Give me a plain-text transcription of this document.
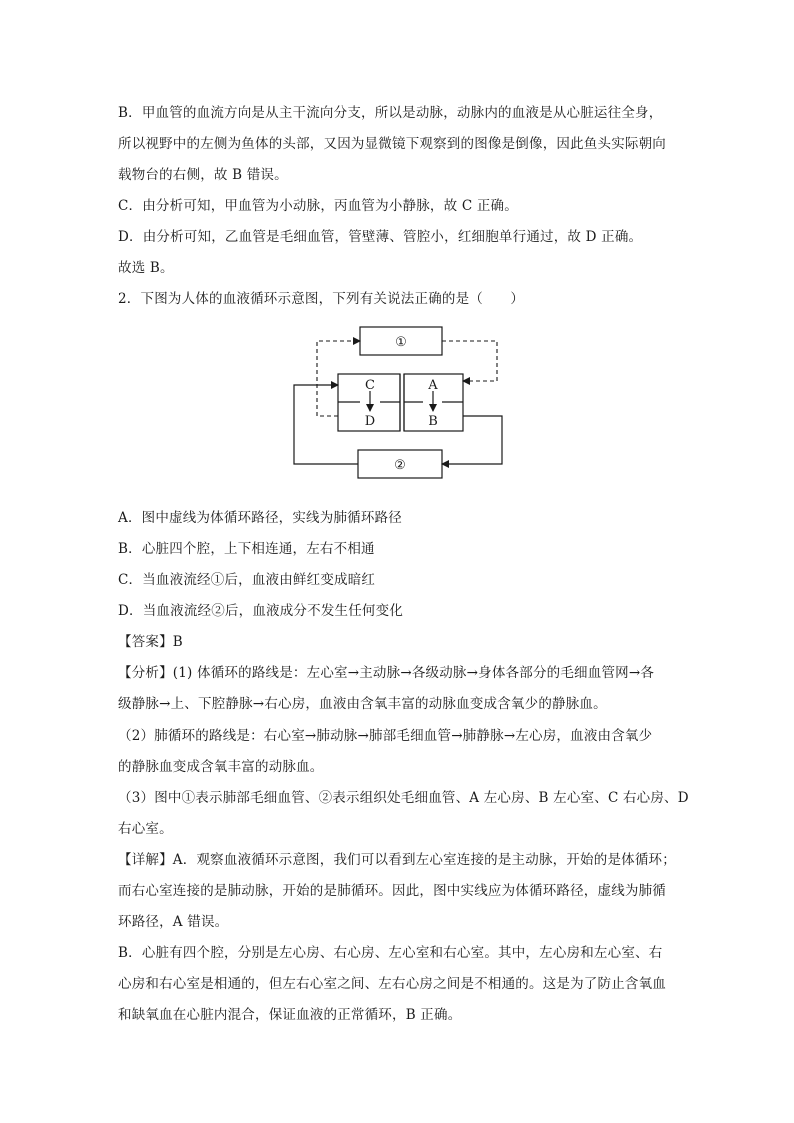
B．甲血管的血流方向是从主干流向分支，所以是动脉，动脉内的血液是从心脏运往全身，
所以视野中的左侧为鱼体的头部，又因为显微镜下观察到的图像是倒像，因此鱼头实际朝向
载物台的右侧，故 B 错误。
C．由分析可知，甲血管为小动脉，丙血管为小静脉，故 C 正确。
D．由分析可知，乙血管是毛细血管，管壁薄、管腔小，红细胞单行通过，故 D 正确。
故选 B。
2．下图为人体的血液循环示意图，下列有关说法正确的是（　　）
①
C
D
A
B
②
A．图中虚线为体循环路径，实线为肺循环路径
B．心脏四个腔，上下相连通，左右不相通
C．当血液流经①后，血液由鲜红变成暗红
D．当血液流经②后，血液成分不发生任何变化
【答案】B
【分析】(1) 体循环的路线是：左心室→主动脉→各级动脉→身体各部分的毛细血管网→各
级静脉→上、下腔静脉→右心房，血液由含氧丰富的动脉血变成含氧少的静脉血。
（2）肺循环的路线是：右心室→肺动脉→肺部毛细血管→肺静脉→左心房，血液由含氧少
的静脉血变成含氧丰富的动脉血。
（3）图中①表示肺部毛细血管、②表示组织处毛细血管、A 左心房、B 左心室、C 右心房、D
右心室。
【详解】A．观察血液循环示意图，我们可以看到左心室连接的是主动脉，开始的是体循环；
而右心室连接的是肺动脉，开始的是肺循环。因此，图中实线应为体循环路径，虚线为肺循
环路径，A 错误。
B．心脏有四个腔，分别是左心房、右心房、左心室和右心室。其中，左心房和左心室、右
心房和右心室是相通的，但左右心室之间、左右心房之间是不相通的。这是为了防止含氧血
和缺氧血在心脏内混合，保证血液的正常循环，B 正确。
